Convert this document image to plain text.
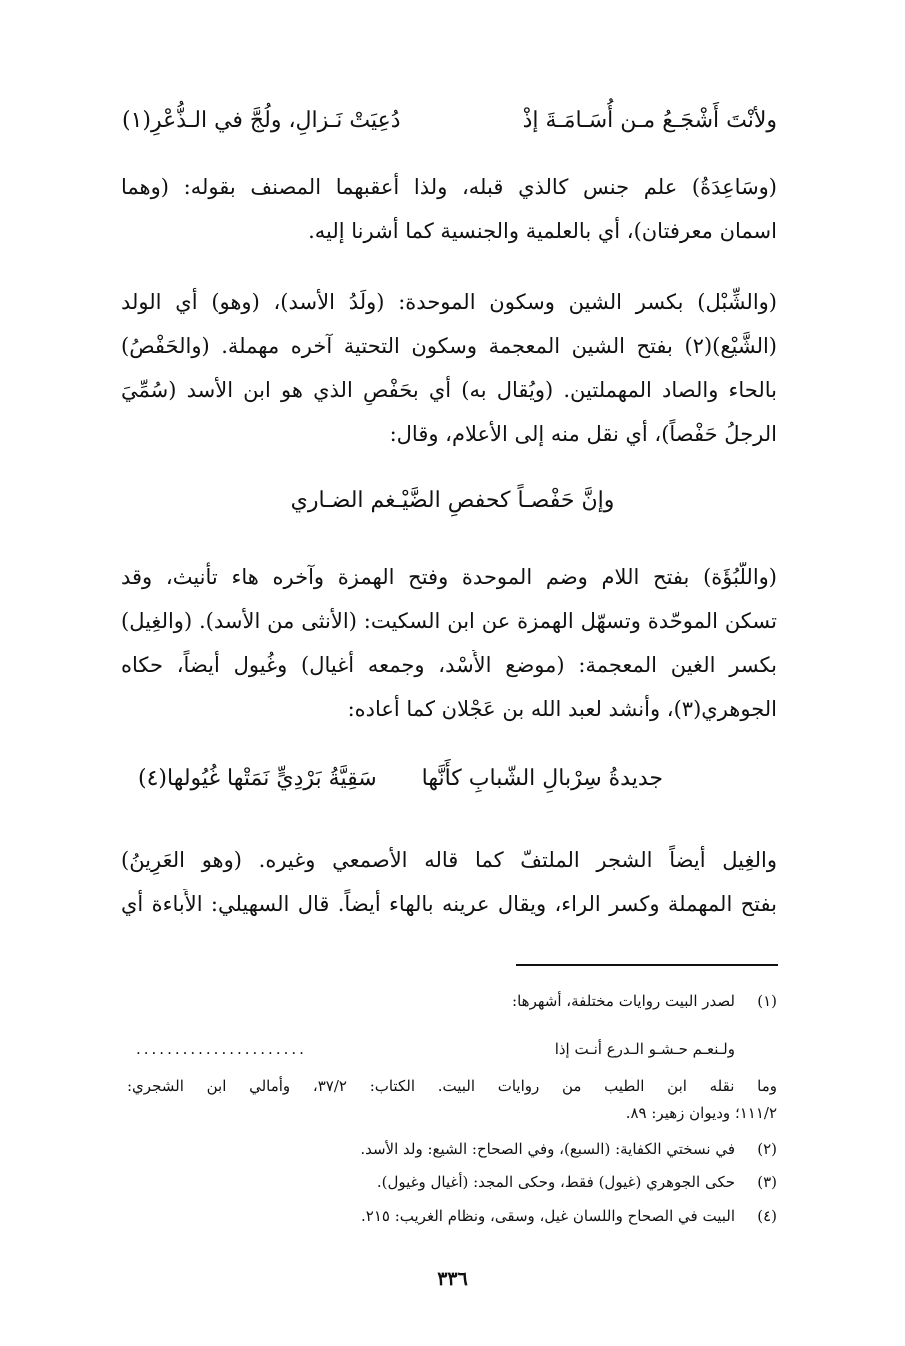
ولأنْتَ أَشْجَـعُ مـن أُسَـامَـةَ إذْ
دُعِيَتْ نَـزالِ، ولُجَّ في الـذُّعْرِ(١)
(وسَاعِدَةُ) علم جنس كالذي قبله، ولذا أعقبهما المصنف بقوله: (وهما
اسمان معرفتان)، أي بالعلمية والجنسية كما أشرنا إليه.
(والشِّبْل) بكسر الشين وسكون الموحدة: (ولَدُ الأسد)، (وهو) أي الولد
(الشَّيْع)(٢) بفتح الشين المعجمة وسكون التحتية آخره مهملة. (والحَفْصُ)
بالحاء والصاد المهملتين. (ويُقال به) أي بحَفْصٍ الذي هو ابن الأسد (سُمِّيَ
الرجلُ حَفْصاً)، أي نقل منه إلى الأعلام، وقال:
وإنَّ حَفْصـاً كحفصِ الضَّيْـغم الضـاري
(واللَّبُؤَة) بفتح اللام وضم الموحدة وفتح الهمزة وآخره هاء تأنيث، وقد
تسكن الموحّدة وتسهّل الهمزة عن ابن السكيت: (الأنثى من الأسد). (والغِيل)
بكسر الغين المعجمة: (موضع الأُسْد، وجمعه أغيال) وغُيول أيضاً، حكاه
الجوهري(٣)، وأنشد لعبد الله بن عَجْلان كما أعاده:
جديدةُ سِرْبالِ الشّبابِ كأَنَّها
سَقِيَّةُ بَرْدِيٍّ نَمَتْها غُيُولها(٤)
والغِيل أيضاً الشجر الملتفّ كما قاله الأصمعي وغيره. (وهو العَرِينُ)
بفتح المهملة وكسر الراء، ويقال عرينه بالهاء أيضاً. قال السهيلي: الأَباءة أي
(١)
لصدر البيت روايات مختلفة، أشهرها:
ولـنعـم حـشـو الـدرع أنـت إذا
......................
وما نقله ابن الطيب من روايات البيت. الكتاب: ٣٧/٢، وأمالي ابن الشجري:
١١١/٢؛ وديوان زهير: ٨٩.
(٢)
في نسختي الكفاية: (السبع)، وفي الصحاح: الشيع: ولد الأسد.
(٣)
حكى الجوهري (غيول) فقط، وحكى المجد: (أغيال وغيول).
(٤)
البيت في الصحاح واللسان غيل، وسقى، ونظام الغريب: ٢١٥.
٣٣٦
